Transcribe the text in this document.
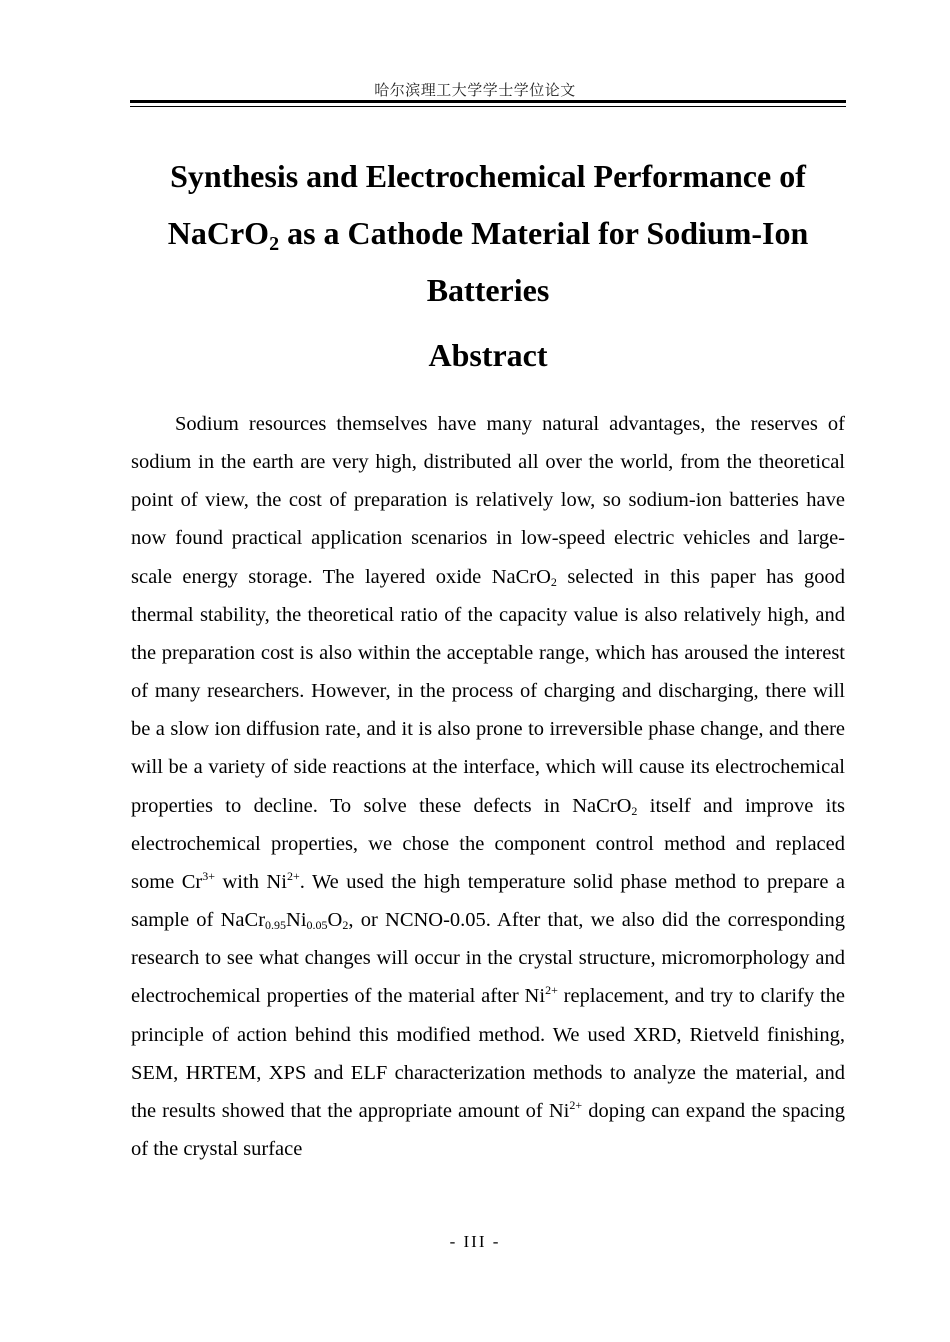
哈尔滨理工大学学士学位论文
Synthesis and Electrochemical Performance of
NaCrO$_2$ as a Cathode Material for Sodium-Ion Batteries
Abstract

Sodium resources themselves have many natural advantages, the reserves of sodium in the earth are very high, distributed all over the world, from the theoretical point of view, the cost of preparation is relatively low, so sodium-ion batteries have now found practical application scenarios in low-speed electric vehicles and large-scale energy storage. The layered oxide NaCrO$_2$ selected in this paper has good thermal stability, the theoretical ratio of the capacity value is also relatively high, and the preparation cost is also within the acceptable range, which has aroused the interest of many researchers. However, in the process of charging and discharging, there will be a slow ion diffusion rate, and it is also prone to irreversible phase change, and there will be a variety of side reactions at the interface, which will cause its electrochemical properties to decline. To solve these defects in NaCrO$_2$ itself and improve its electrochemical properties, we chose the component control method and replaced some $Cr^{3+}$ with $Ni^{2+}$. We used the high temperature solid phase method to prepare a sample of $NaCr_{0.95}Ni_{0.05}O_2$, or NCNO-0.05. After that, we also did the corresponding research to see what changes will occur in the crystal structure, micromorphology and electrochemical properties of the material after $Ni^{2+}$ replacement, and try to clarify the principle of action behind this modified method. We used XRD, Rietveld finishing, SEM, HRTEM, XPS and ELF characterization methods to analyze the material, and the results showed that the appropriate amount of $Ni^{2+}$ doping can expand the spacing of the crystal surface

- III -
